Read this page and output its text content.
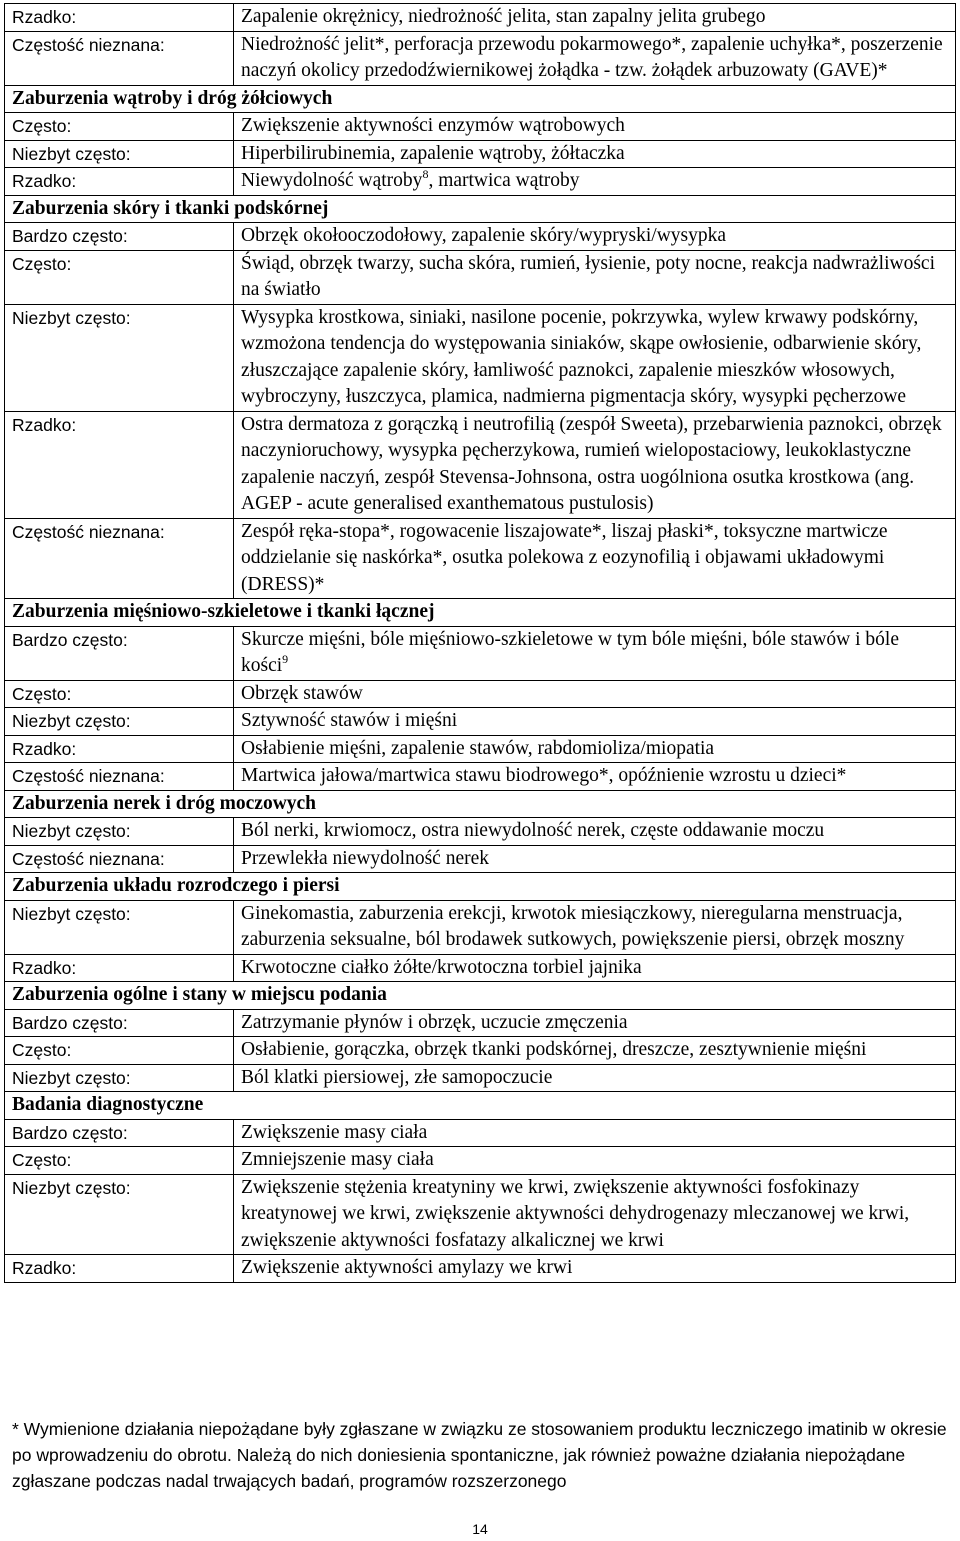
Rzadko:	Zapalenie okrężnicy, niedrożność jelita, stan zapalny jelita grubego
Częstość nieznana:	Niedrożność jelit*, perforacja przewodu pokarmowego*, zapalenie uchyłka*, poszerzenie naczyń okolicy przedodźwiernikowej żołądka - tzw. żołądek arbuzowaty (GAVE)*
Zaburzenia wątroby i dróg żółciowych	
Często:	Zwiększenie aktywności enzymów wątrobowych
Niezbyt często:	Hiperbilirubinemia, zapalenie wątroby, żółtaczka
Rzadko:	Niewydolność wątroby$^8$, martwica wątroby
Zaburzenia skóry i tkanki podskórnej	
Bardzo często:	Obrzęk okołooczodołowy, zapalenie skóry/wypryski/wysypka
Często:	Świąd, obrzęk twarzy, sucha skóra, rumień, łysienie, poty nocne, reakcja nadwrażliwości na światło
Niezbyt często:	Wysypka krostkowa, siniaki, nasilone pocenie, pokrzywka, wylew krwawy podskórny, wzmożona tendencja do występowania siniaków, skąpe owłosienie, odbarwienie skóry, złuszczające zapalenie skóry, łamliwość paznokci, zapalenie mieszków włosowych, wybroczyny, łuszczyca, plamica, nadmierna pigmentacja skóry, wysypki pęcherzowe
Rzadko:	Ostra dermatoza z gorączką i neutrofilią (zespół Sweeta), przebarwienia paznokci, obrzęk naczynioruchowy, wysypka pęcherzykowa, rumień wielopostaciowy, leukoklastyczne zapalenie naczyń, zespół Stevensa-Johnsona, ostra uogólniona osutka krostkowa (ang. AGEP - acute generalised exanthematous pustulosis)
Częstość nieznana:	Zespół ręka-stopa*, rogowacenie liszajowate*, liszaj płaski*, toksyczne martwicze oddzielanie się naskórka*, osutka polekowa z eozynofilią i objawami układowymi (DRESS)*
Zaburzenia mięśniowo-szkieletowe i tkanki łącznej	
Bardzo często:	Skurcze mięśni, bóle mięśniowo-szkieletowe w tym bóle mięśni, bóle stawów i bóle kości$^9$
Często:	Obrzęk stawów
Niezbyt często:	Sztywność stawów i mięśni
Rzadko:	Osłabienie mięśni, zapalenie stawów, rabdomioliza/miopatia
Częstość nieznana:	Martwica jałowa/martwica stawu biodrowego*, opóźnienie wzrostu u dzieci*
Zaburzenia nerek i dróg moczowych	
Niezbyt często:	Ból nerki, krwiomocz, ostra niewydolność nerek, częste oddawanie moczu
Częstość nieznana:	Przewlekła niewydolność nerek
Zaburzenia układu rozrodczego i piersi	
Niezbyt często:	Ginekomastia, zaburzenia erekcji, krwotok miesiączkowy, nieregularna menstruacja, zaburzenia seksualne, ból brodawek sutkowych, powiększenie piersi, obrzęk moszny
Rzadko:	Krwotoczne ciałko żółte/krwotoczna torbiel jajnika
Zaburzenia ogólne i stany w miejscu podania	
Bardzo często:	Zatrzymanie płynów i obrzęk, uczucie zmęczenia
Często:	Osłabienie, gorączka, obrzęk tkanki podskórnej, dreszcze, zesztywnienie mięśni
Niezbyt często:	Ból klatki piersiowej, złe samopoczucie
Badania diagnostyczne	
Bardzo często:	Zwiększenie masy ciała
Często:	Zmniejszenie masy ciała
Niezbyt często:	Zwiększenie stężenia kreatyniny we krwi, zwiększenie aktywności fosfokinazy kreatynowej we krwi, zwiększenie aktywności dehydrogenazy mleczanowej we krwi, zwiększenie aktywności fosfatazy alkalicznej we krwi
Rzadko:	Zwiększenie aktywności amylazy we krwi
* Wymienione działania niepożądane były zgłaszane w związku ze stosowaniem produktu leczniczego imatinib w okresie po wprowadzeniu do obrotu. Należą do nich doniesienia spontaniczne, jak również poważne działania niepożądane zgłaszane podczas nadal trwających badań, programów rozszerzonego
14
